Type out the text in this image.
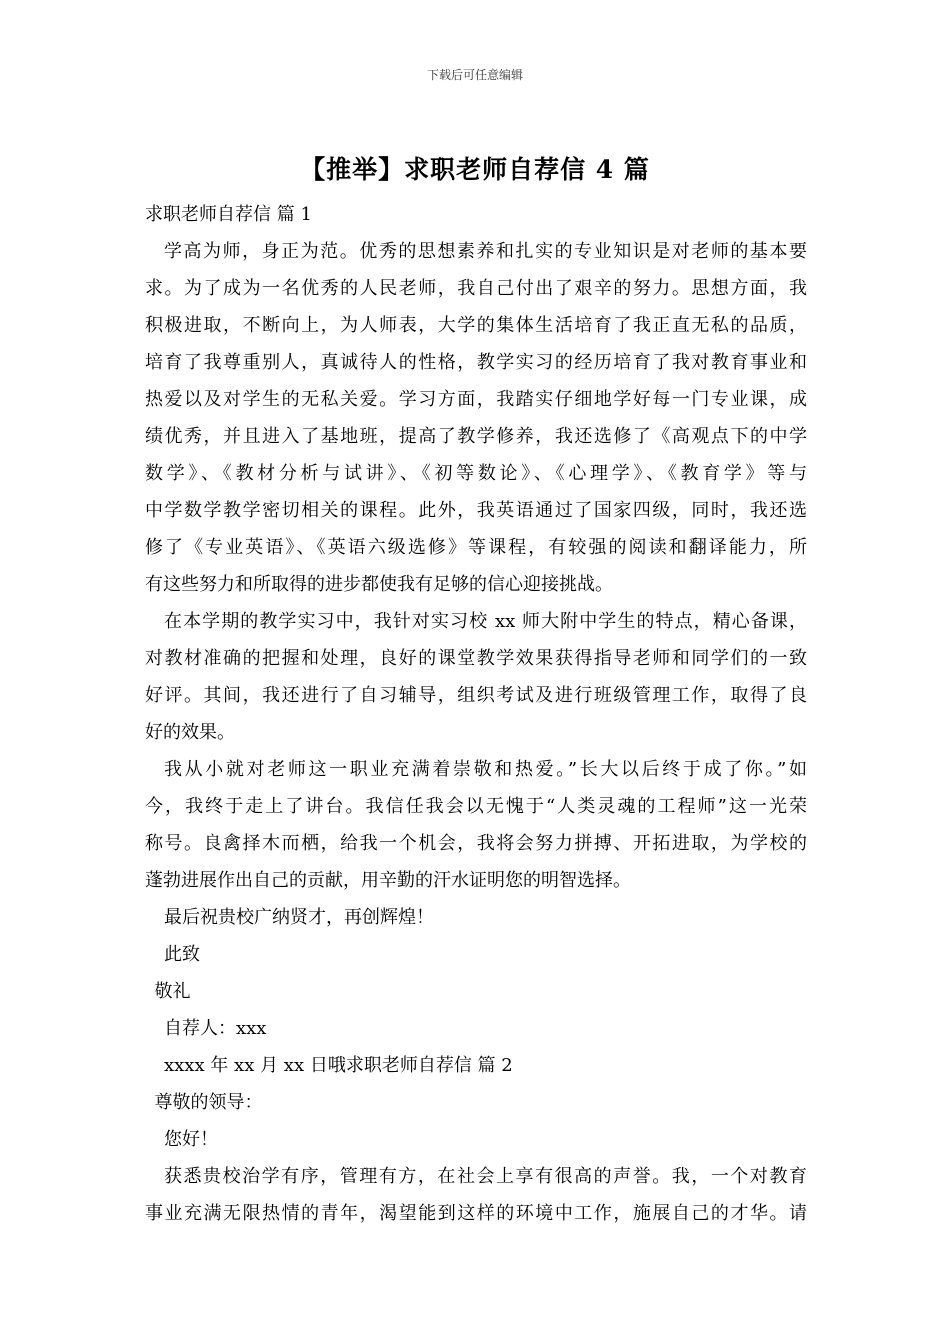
下载后可任意编辑
【推举】求职老师自荐信 4 篇
求职老师自荐信 篇 1
学高为师，身正为范。优秀的思想素养和扎实的专业知识是对老师的基本要
求。为了成为一名优秀的人民老师，我自己付出了艰辛的努力。思想方面，我
积极进取，不断向上，为人师表，大学的集体生活培育了我正直无私的品质，
培育了我尊重别人，真诚待人的性格，教学实习的经历培育了我对教育事业和
热爱以及对学生的无私关爱。学习方面，我踏实仔细地学好每一门专业课，成
绩优秀，并且进入了基地班，提高了教学修养，我还选修了《高观点下的中学
数学》、《教材分析与试讲》、《初等数论》、《心理学》、《教育学》等与
中学数学教学密切相关的课程。此外，我英语通过了国家四级，同时，我还选
修了《专业英语》、《英语六级选修》等课程，有较强的阅读和翻译能力，所
有这些努力和所取得的进步都使我有足够的信心迎接挑战。
在本学期的教学实习中，我针对实习校 xx 师大附中学生的特点，精心备课，
对教材准确的把握和处理，良好的课堂教学效果获得指导老师和同学们的一致
好评。其间，我还进行了自习辅导，组织考试及进行班级管理工作，取得了良
好的效果。
我从小就对老师这一职业充满着崇敬和热爱。”长大以后终于成了你。”如
今，我终于走上了讲台。我信任我会以无愧于“人类灵魂的工程师”这一光荣
称号。良禽择木而栖，给我一个机会，我将会努力拼搏、开拓进取，为学校的
蓬勃进展作出自己的贡献，用辛勤的汗水证明您的明智选择。
最后祝贵校广纳贤才，再创辉煌！
此致
敬礼
自荐人：xxx
xxxx 年 xx 月 xx 日哦求职老师自荐信 篇 2
尊敬的领导：
您好！
获悉贵校治学有序，管理有方，在社会上享有很高的声誉。我，一个对教育
事业充满无限热情的青年，渴望能到这样的环境中工作，施展自己的才华。请
